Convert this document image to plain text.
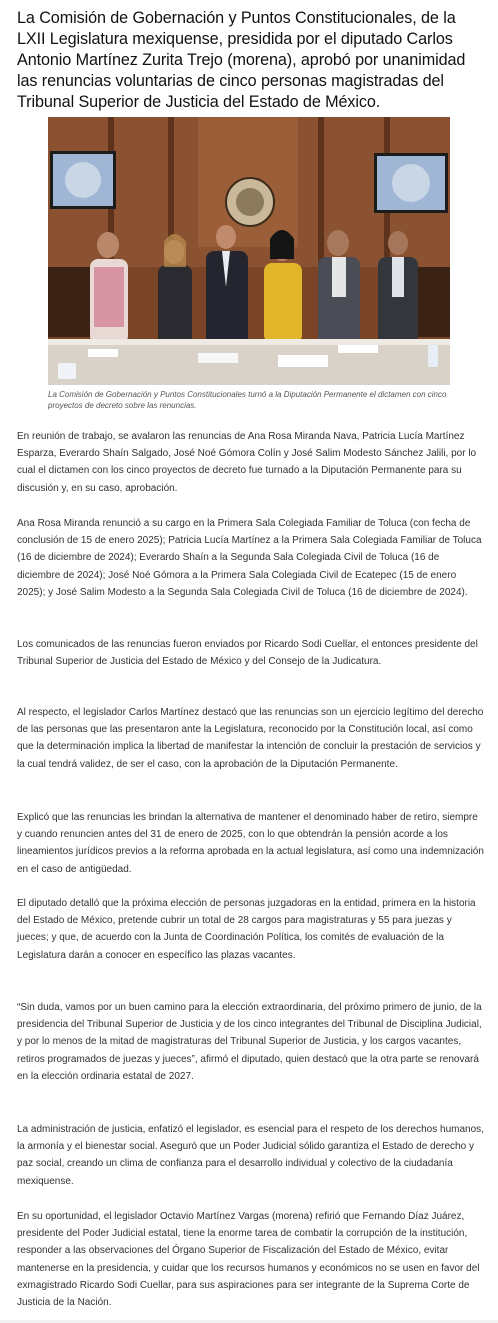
La Comisión de Gobernación y Puntos Constitucionales, de la LXII Legislatura mexiquense, presidida por el diputado Carlos Antonio Martínez Zurita Trejo (morena), aprobó por unanimidad las renuncias voluntarias de cinco personas magistradas del Tribunal Superior de Justicia del Estado de México.

La Comisión de Gobernación y Puntos Constitucionales turnó a la Diputación Permanente el dictamen con cinco proyectos de decreto sobre las renuncias.

En reunión de trabajo, se avalaron las renuncias de Ana Rosa Miranda Nava, Patricia Lucía Martínez Esparza, Everardo Shaín Salgado, José Noé Gómora Colín y José Salim Modesto Sánchez Jalili, por lo cual el dictamen con los cinco proyectos de decreto fue turnado a la Diputación Permanente para su discusión y, en su caso, aprobación.

Ana Rosa Miranda renunció a su cargo en la Primera Sala Colegiada Familiar de Toluca (con fecha de conclusión de 15 de enero 2025); Patricia Lucía Martínez a la Primera Sala Colegiada Familiar de Toluca (16 de diciembre de 2024); Everardo Shaín a la Segunda Sala Colegiada Civil de Toluca (16 de diciembre de 2024); José Noé Gómora a la Primera Sala Colegiada Civil de Ecatepec (15 de enero 2025); y José Salim Modesto a la Segunda Sala Colegiada Civil de Toluca (16 de diciembre de 2024).

Los comunicados de las renuncias fueron enviados por Ricardo Sodi Cuellar, el entonces presidente del Tribunal Superior de Justicia del Estado de México y del Consejo de la Judicatura.

Al respecto, el legislador Carlos Martínez destacó que las renuncias son un ejercicio legítimo del derecho de las personas que las presentaron ante la Legislatura, reconocido por la Constitución local, así como que la determinación implica la libertad de manifestar la intención de concluir la prestación de servicios y la cual tendrá validez, de ser el caso, con la aprobación de la Diputación Permanente.

Explicó que las renuncias les brindan la alternativa de mantener el denominado haber de retiro, siempre y cuando renuncien antes del 31 de enero de 2025, con lo que obtendrán la pensión acorde a los lineamientos jurídicos previos a la reforma aprobada en la actual legislatura, así como una indemnización en el caso de antigüedad.

El diputado detalló que la próxima elección de personas juzgadoras en la entidad, primera en la historia del Estado de México, pretende cubrir un total de 28 cargos para magistraturas y 55 para juezas y jueces; y que, de acuerdo con la Junta de Coordinación Política, los comités de evaluación de la Legislatura darán a conocer en específico las plazas vacantes.

“Sin duda, vamos por un buen camino para la elección extraordinaria, del próximo primero de junio, de la presidencia del Tribunal Superior de Justicia y de los cinco integrantes del Tribunal de Disciplina Judicial, y por lo menos de la mitad de magistraturas del Tribunal Superior de Justicia, y los cargos vacantes, retiros programados de juezas y jueces”, afirmó el diputado, quien destacó que la otra parte se renovará en la elección ordinaria estatal de 2027.

La administración de justicia, enfatizó el legislador, es esencial para el respeto de los derechos humanos, la armonía y el bienestar social. Aseguró que un Poder Judicial sólido garantiza el Estado de derecho y paz social, creando un clima de confianza para el desarrollo individual y colectivo de la ciudadanía mexiquense.

En su oportunidad, el legislador Octavio Martínez Vargas (morena) refirió que Fernando Díaz Juárez, presidente del Poder Judicial estatal, tiene la enorme tarea de combatir la corrupción de la institución, responder a las observaciones del Órgano Superior de Fiscalización del Estado de México, evitar mantenerse en la presidencia, y cuidar que los recursos humanos y económicos no se usen en favor del exmagistrado Ricardo Sodi Cuellar, para sus aspiraciones para ser integrante de la Suprema Corte de Justicia de la Nación.
